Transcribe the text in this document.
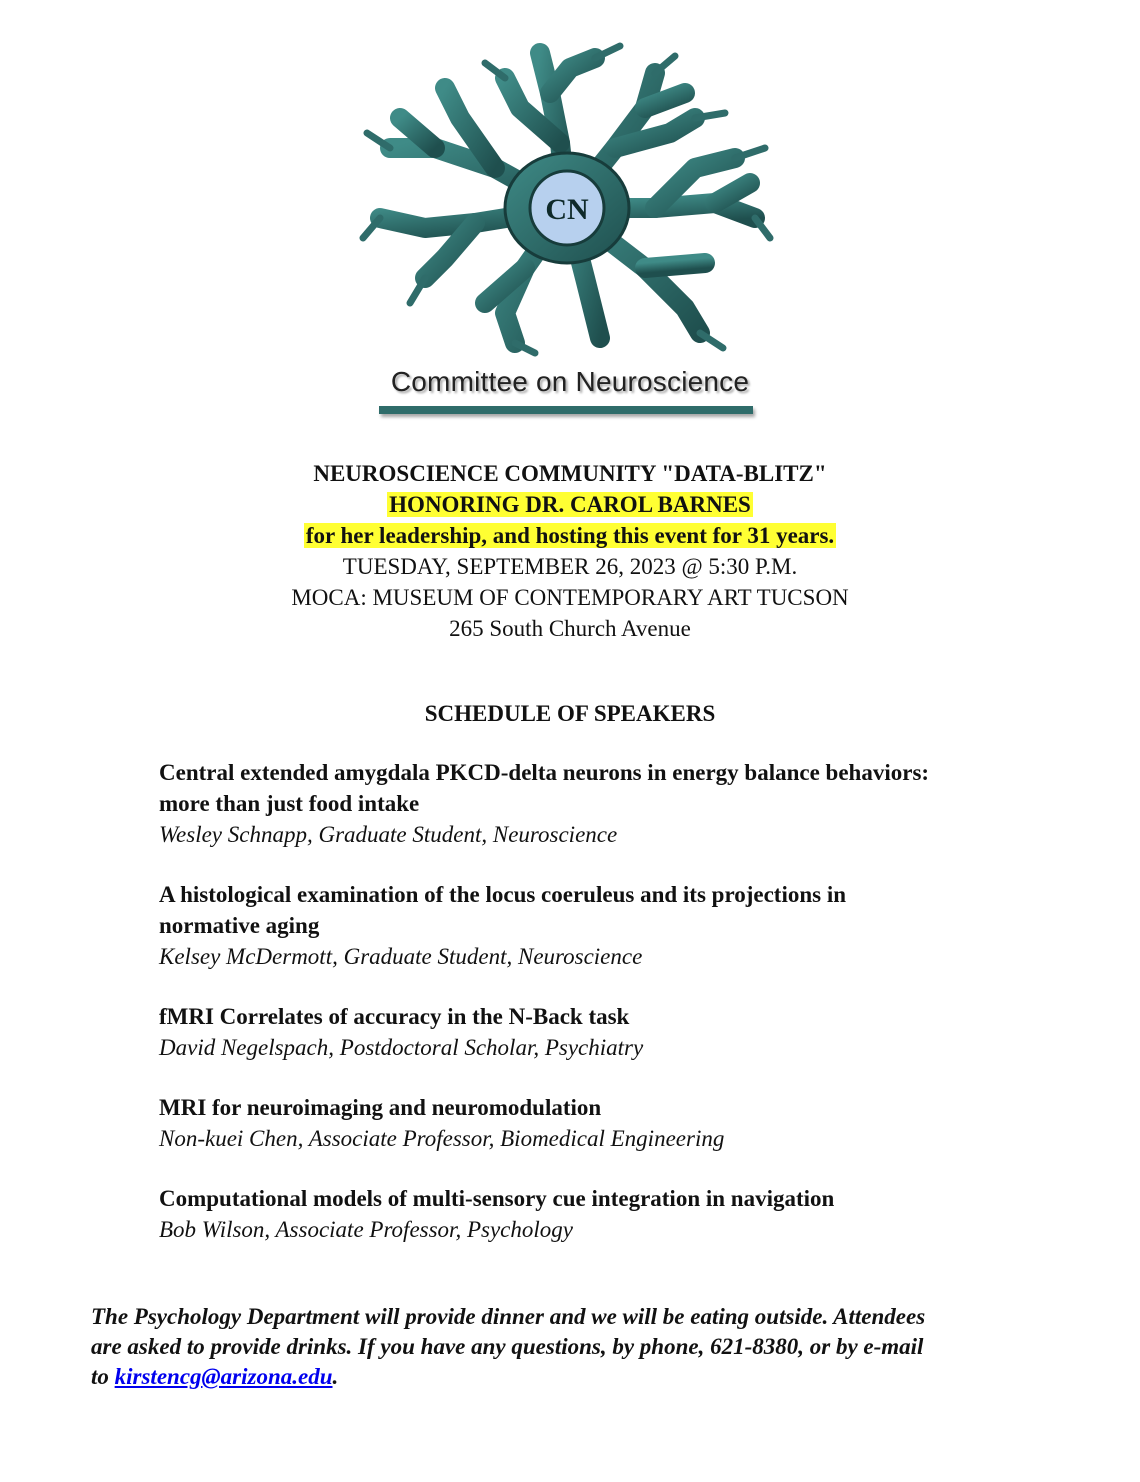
CN
Committee on Neuroscience
NEUROSCIENCE COMMUNITY "DATA-BLITZ"
HONORING DR. CAROL BARNES
for her leadership, and hosting this event for 31 years.
TUESDAY, SEPTEMBER 26, 2023 @ 5:30 P.M.
MOCA: MUSEUM OF CONTEMPORARY ART TUCSON
265 South Church Avenue
SCHEDULE OF SPEAKERS
Central extended amygdala PKCD-delta neurons in energy balance behaviors:
more than just food intake
Wesley Schnapp, Graduate Student, Neuroscience
A histological examination of the locus coeruleus and its projections in
normative aging
Kelsey McDermott, Graduate Student, Neuroscience
fMRI Correlates of accuracy in the N-Back task
David Negelspach, Postdoctoral Scholar, Psychiatry
MRI for neuroimaging and neuromodulation
Non-kuei Chen, Associate Professor, Biomedical Engineering
Computational models of multi-sensory cue integration in navigation
Bob Wilson, Associate Professor, Psychology
The Psychology Department will provide dinner and we will be eating outside. Attendees
are asked to provide drinks. If you have any questions, by phone, 621-8380, or by e-mail
to kirstencg@arizona.edu.
